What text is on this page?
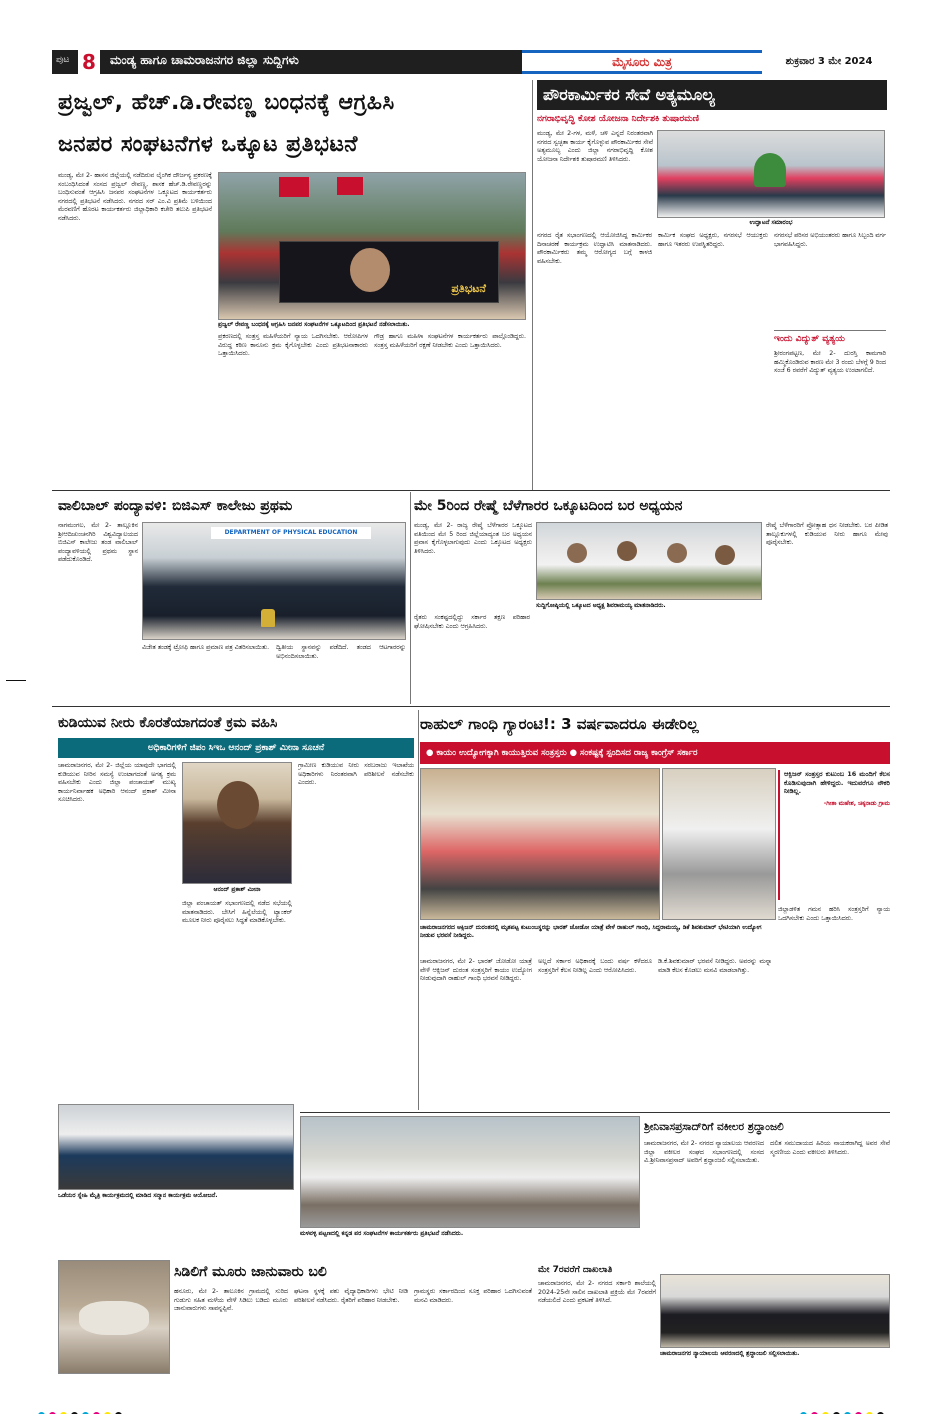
ಪುಟ 8	ಮಂಡ್ಯ ಹಾಗೂ ಚಾಮರಾಜನಗರ ಜಿಲ್ಲಾ ಸುದ್ದಿಗಳು	ಮೈಸೂರು ಮಿತ್ರ	ಶುಕ್ರವಾರ 3 ಮೇ 2024
ಪ್ರಜ್ವಲ್, ಹೆಚ್.ಡಿ.ರೇವಣ್ಣ ಬಂಧನಕ್ಕೆ ಆಗ್ರಹಿಸಿ
ಜನಪರ ಸಂಘಟನೆಗಳ ಒಕ್ಕೂಟ ಪ್ರತಿಭಟನೆ
ಮಂಡ್ಯ, ಮೇ 2- ಹಾಸನ ಜಿಲ್ಲೆಯಲ್ಲಿ ನಡೆದಿರುವ ಲೈಂಗಿಕ ದೌರ್ಜನ್ಯ ಪ್ರಕರಣಕ್ಕೆ ಸಂಬಂಧಿಸಿದಂತೆ ಸಂಸದ ಪ್ರಜ್ವಲ್ ರೇವಣ್ಣ, ಶಾಸಕ ಹೆಚ್.ಡಿ.ರೇವಣ್ಣರನ್ನು ಬಂಧಿಸುವಂತೆ ಆಗ್ರಹಿಸಿ ಜನಪರ ಸಂಘಟನೆಗಳ ಒಕ್ಕೂಟದ ಕಾರ್ಯಕರ್ತರು ನಗರದಲ್ಲಿ ಪ್ರತಿಭಟನೆ ನಡೆಸಿದರು. ನಗರದ ಸರ್ ಎಂ.ವಿ ಪ್ರತಿಮೆ ಬಳಿಯಿಂದ ಮೆರವಣಿಗೆ ಹೊರಟ ಕಾರ್ಯಕರ್ತರು ಜಿಲ್ಲಾಧಿಕಾರಿ ಕಚೇರಿ ತಲುಪಿ ಪ್ರತಿಭಟನೆ ನಡೆಸಿದರು.
ಪ್ರತಿಭಟನೆ
ಪ್ರಜ್ವಲ್ ರೇವಣ್ಣ ಬಂಧನಕ್ಕೆ ಆಗ್ರಹಿಸಿ ಜನಪರ ಸಂಘಟನೆಗಳ ಒಕ್ಕೂಟದಿಂದ ಪ್ರತಿಭಟನೆ ನಡೆಸಲಾಯಿತು.
ಪ್ರಕರಣದಲ್ಲಿ ಸಂತ್ರಸ್ತ ಮಹಿಳೆಯರಿಗೆ ನ್ಯಾಯ ಒದಗಿಸಬೇಕು. ಆರೋಪಿಗಳ ವಿರುದ್ಧ ಕಠಿಣ ಕಾನೂನು ಕ್ರಮ ಕೈಗೊಳ್ಳಬೇಕು ಎಂದು ಪ್ರತಿಭಟನಾಕಾರರು ಒತ್ತಾಯಿಸಿದರು.
ಗೌಡ್ರ ಹಾಗೂ ಮಹಿಳಾ ಸಂಘಟನೆಗಳ ಕಾರ್ಯಕರ್ತರು ಪಾಲ್ಗೊಂಡಿದ್ದರು. ಸಂತ್ರಸ್ತ ಮಹಿಳೆಯರಿಗೆ ರಕ್ಷಣೆ ನೀಡಬೇಕು ಎಂದು ಒತ್ತಾಯಿಸಿದರು.
ಪೌರಕಾರ್ಮಿಕರ ಸೇವೆ ಅತ್ಯಮೂಲ್ಯ
ನಗರಾಭಿವೃದ್ಧಿ ಕೋಶ ಯೋಜನಾ ನಿರ್ದೇಶಕಿ ತುಷಾರಮಣಿ
ಮಂಡ್ಯ, ಮೇ 2-ಗಳ, ಮಳೆ, ಚಳಿ ಎನ್ನದೆ ನಿರಂತರವಾಗಿ ನಗರದ ಸ್ವಚ್ಛತಾ ಕಾರ್ಯ ಕೈಗೊಳ್ಳುವ ಪೌರಕಾರ್ಮಿಕರ ಸೇವೆ ಅತ್ಯಮೂಲ್ಯ ಎಂದು ಜಿಲ್ಲಾ ನಗರಾಭಿವೃದ್ಧಿ ಕೋಶ ಯೋಜನಾ ನಿರ್ದೇಶಕಿ ತುಷಾರಮಣಿ ತಿಳಿಸಿದರು.
ಉದ್ಘಾಟನೆ ಸಮಾರಂಭ
ನಗರದ ರೈತ ಸಭಾಂಗಣದಲ್ಲಿ ಆಯೋಜಿಸಿದ್ದ ಕಾರ್ಮಿಕರ ದಿನಾಚರಣೆ ಕಾರ್ಯಕ್ರಮ ಉದ್ಘಾಟಿಸಿ ಮಾತನಾಡಿದರು. ಪೌರಕಾರ್ಮಿಕರು ತಮ್ಮ ಆರೋಗ್ಯದ ಬಗ್ಗೆ ಕಾಳಜಿ ವಹಿಸಬೇಕು.
ಕಾರ್ಮಿಕ ಸಂಘದ ಅಧ್ಯಕ್ಷರು, ನಗರಸಭೆ ಆಯುಕ್ತರು ಹಾಗೂ ಇತರರು ಉಪಸ್ಥಿತರಿದ್ದರು.
ನಗರಸಭೆ ಪರಿಸರ ಅಭಿಯಂತರರು ಹಾಗೂ ಸಿಬ್ಬಂದಿ ವರ್ಗ ಭಾಗವಹಿಸಿದ್ದರು.
ಇಂದು ವಿದ್ಯುತ್ ವ್ಯತ್ಯಯ
ಶ್ರೀರಂಗಪಟ್ಟಣ, ಮೇ 2- ದುರಸ್ತಿ ಕಾಮಗಾರಿ ಹಮ್ಮಿಕೊಂಡಿರುವ ಕಾರಣ ಮೇ 3 ರಂದು ಬೆಳಗ್ಗೆ 9 ರಿಂದ ಸಂಜೆ 6 ರವರೆಗೆ ವಿದ್ಯುತ್ ವ್ಯತ್ಯಯ ಉಂಟಾಗಲಿದೆ.
ವಾಲಿಬಾಲ್ ಪಂದ್ಯಾವಳಿ: ಬಿಜಿಎಸ್ ಕಾಲೇಜು ಪ್ರಥಮ
ನಾಗಮಂಗಲ, ಮೇ 2- ತಾಲ್ಲೂಕಿನ ಶ್ರೀಆದಿಚುಂಚನಗಿರಿ ವಿಶ್ವವಿದ್ಯಾಲಯದ ಬಿಜಿಎಸ್ ಕಾಲೇಜು ತಂಡ ವಾಲಿಬಾಲ್ ಪಂದ್ಯಾವಳಿಯಲ್ಲಿ ಪ್ರಥಮ ಸ್ಥಾನ ಪಡೆದುಕೊಂಡಿದೆ.
DEPARTMENT OF PHYSICAL EDUCATION
ವಿಜೇತ ತಂಡಕ್ಕೆ ಟ್ರೋಫಿ ಹಾಗೂ ಪ್ರಮಾಣ ಪತ್ರ ವಿತರಿಸಲಾಯಿತು. ದ್ವಿತೀಯ ಸ್ಥಾನವನ್ನು ಪಡೆದಿದೆ. ತಂಡದ ಆಟಗಾರರನ್ನು ಅಭಿನಂದಿಸಲಾಯಿತು.
ಮೇ 5ರಿಂದ ರೇಷ್ಮೆ ಬೆಳೆಗಾರರ ಒಕ್ಕೂಟದಿಂದ ಬರ ಅಧ್ಯಯನ
ಮಂಡ್ಯ, ಮೇ 2- ರಾಜ್ಯ ರೇಷ್ಮೆ ಬೆಳೆಗಾರರ ಒಕ್ಕೂಟದ ವತಿಯಿಂದ ಮೇ 5 ರಿಂದ ಜಿಲ್ಲೆಯಾದ್ಯಂತ ಬರ ಅಧ್ಯಯನ ಪ್ರವಾಸ ಕೈಗೊಳ್ಳಲಾಗುವುದು ಎಂದು ಒಕ್ಕೂಟದ ಅಧ್ಯಕ್ಷರು ತಿಳಿಸಿದರು.
ಸುದ್ದಿಗೋಷ್ಠಿಯಲ್ಲಿ ಒಕ್ಕೂಟದ ಅಧ್ಯಕ್ಷ ಶಿವರಾಮಯ್ಯ ಮಾತನಾಡಿದರು.
ರೈತರು ಸಂಕಷ್ಟದಲ್ಲಿದ್ದು ಸರ್ಕಾರ ತಕ್ಷಣ ಪರಿಹಾರ ಘೋಷಿಸಬೇಕು ಎಂದು ಆಗ್ರಹಿಸಿದರು.
ರೇಷ್ಮೆ ಬೆಳೆಗಾರರಿಗೆ ಪ್ರೋತ್ಸಾಹ ಧನ ನೀಡಬೇಕು. ಬರ ಪೀಡಿತ ತಾಲ್ಲೂಕುಗಳಲ್ಲಿ ಕುಡಿಯುವ ನೀರು ಹಾಗೂ ಮೇವು ಪೂರೈಸಬೇಕು.
ಕುಡಿಯುವ ನೀರು ಕೊರತೆಯಾಗದಂತೆ ಕ್ರಮ ವಹಿಸಿ
ಅಧಿಕಾರಿಗಳಿಗೆ ಜಿಪಂ ಸಿಇಒ ಆನಂದ್ ಪ್ರಕಾಶ್ ಮೀನಾ ಸೂಚನೆ
ಚಾಮರಾಜನಗರ, ಮೇ 2- ಜಿಲ್ಲೆಯ ಯಾವುದೇ ಭಾಗದಲ್ಲಿ ಕುಡಿಯುವ ನೀರಿನ ಸಮಸ್ಯೆ ಉಂಟಾಗದಂತೆ ಅಗತ್ಯ ಕ್ರಮ ವಹಿಸಬೇಕು ಎಂದು ಜಿಲ್ಲಾ ಪಂಚಾಯತ್ ಮುಖ್ಯ ಕಾರ್ಯನಿರ್ವಾಹಕ ಅಧಿಕಾರಿ ಆನಂದ್ ಪ್ರಕಾಶ್ ಮೀನಾ ಸೂಚಿಸಿದರು.
ಆನಂದ್ ಪ್ರಕಾಶ್ ಮೀನಾ
ಜಿಲ್ಲಾ ಪಂಚಾಯತ್ ಸಭಾಂಗಣದಲ್ಲಿ ನಡೆದ ಸಭೆಯಲ್ಲಿ ಮಾತನಾಡಿದರು. ಬೇಸಿಗೆ ಹಿನ್ನೆಲೆಯಲ್ಲಿ ಟ್ಯಾಂಕರ್ ಮೂಲಕ ನೀರು ಪೂರೈಸಲು ಸಿದ್ಧತೆ ಮಾಡಿಕೊಳ್ಳಬೇಕು.
ಗ್ರಾಮೀಣ ಕುಡಿಯುವ ನೀರು ಸರಬರಾಜು ಇಲಾಖೆಯ ಅಧಿಕಾರಿಗಳು ನಿರಂತರವಾಗಿ ಪರಿಶೀಲನೆ ನಡೆಸಬೇಕು ಎಂದರು.
ಒಡೆಯರ ಸ್ನೇಹಿ ಮೈತ್ರಿ ಕಾರ್ಯಕ್ರಮದಲ್ಲಿ ಮಾಡಿದ ಸನ್ಮಾನ ಕಾರ್ಯಕ್ರಮ ಆಯೋಜನೆ.
ರಾಹುಲ್ ಗಾಂಧಿ ಗ್ಯಾರಂಟಿ!: 3 ವರ್ಷವಾದರೂ ಈಡೇರಿಲ್ಲ
● ಕಾಯಂ ಉದ್ಯೋಗಕ್ಕಾಗಿ ಕಾಯುತ್ತಿರುವ ಸಂತ್ರಸ್ತರು ● ಸಂಕಷ್ಟಕ್ಕೆ ಸ್ಪಂದಿಸದ ರಾಜ್ಯ ಕಾಂಗ್ರೆಸ್ ಸರ್ಕಾರ
ಚಾಮರಾಜನಗರದ ಆಕ್ಸಿಜನ್ ದುರಂತದಲ್ಲಿ ಮೃತಪಟ್ಟ ಕುಟುಂಬಸ್ಥರನ್ನು ಭಾರತ್ ಜೋಡೋ ಯಾತ್ರೆ ವೇಳೆ ರಾಹುಲ್ ಗಾಂಧಿ, ಸಿದ್ದರಾಮಯ್ಯ, ಡಿಕೆ ಶಿವಕುಮಾರ್ ಭೇಟಿಯಾಗಿ ಉದ್ಯೋಗ ನೀಡುವ ಭರವಸೆ ನೀಡಿದ್ದರು.
ಆಕ್ಸಿಜನ್ ಸಂತ್ರಸ್ತರ ಕುಟುಂಬ 16 ಮಂದಿಗೆ ಕೆಲಸ ಕೊಡಿಸುವುದಾಗಿ ಹೇಳಿದ್ದರು. ಇದುವರೆಗೂ ನೌಕರಿ ನೀಡಿಲ್ಲ.
-ಗೀತಾ ಮಹೇಶ, ಚಿಕ್ಕನಾಡು ಗ್ರಾಮ
ಚಾಮರಾಜನಗರ, ಮೇ 2- ಭಾರತ್ ಜೋಡೋ ಯಾತ್ರೆ ವೇಳೆ ಆಕ್ಸಿಜನ್ ದುರಂತ ಸಂತ್ರಸ್ತರಿಗೆ ಕಾಯಂ ಉದ್ಯೋಗ ನೀಡುವುದಾಗಿ ರಾಹುಲ್ ಗಾಂಧಿ ಭರವಸೆ ನೀಡಿದ್ದರು.
ಅಲ್ಲದೆ ಸರ್ಕಾರ ಅಧಿಕಾರಕ್ಕೆ ಬಂದು ವರ್ಷ ಕಳೆದರೂ ಸಂತ್ರಸ್ತರಿಗೆ ಕೆಲಸ ನೀಡಿಲ್ಲ ಎಂದು ಆರೋಪಿಸಿದರು.
ಡಿ.ಕೆ.ಶಿವಕುಮಾರ್ ಭರವಸೆ ನೀಡಿದ್ದರು. ಅವರನ್ನು ಮನ್ನಾ ಮಾಡಿ ಕೆಲಸ ಕೊಡಲು ಮನವಿ ಮಾಡಲಾಗಿತ್ತು.
ಜಿಲ್ಲಾಡಳಿತ ಗಮನ ಹರಿಸಿ ಸಂತ್ರಸ್ತರಿಗೆ ನ್ಯಾಯ ಒದಗಿಸಬೇಕು ಎಂದು ಒತ್ತಾಯಿಸಿದರು.
ಮಳವಳ್ಳಿ ಪಟ್ಟಣದಲ್ಲಿ ಕನ್ನಡ ಪರ ಸಂಘಟನೆಗಳ ಕಾರ್ಯಕರ್ತರು ಪ್ರತಿಭಟನೆ ನಡೆಸಿದರು.
ಶ್ರೀನಿವಾಸಪ್ರಸಾದ್‌ರಿಗೆ ವಕೀಲರ ಶ್ರದ್ಧಾಂಜಲಿ
ಚಾಮರಾಜನಗರ, ಮೇ 2- ನಗರದ ನ್ಯಾಯಾಲಯ ಆವರಣದ ಜಿಲ್ಲಾ ವಕೀಲರ ಸಂಘದ ಸಭಾಂಗಣದಲ್ಲಿ ಸಂಸದ ವಿ.ಶ್ರೀನಿವಾಸಪ್ರಸಾದ್ ಅವರಿಗೆ ಶ್ರದ್ಧಾಂಜಲಿ ಸಲ್ಲಿಸಲಾಯಿತು.
ದಲಿತ ಸಮುದಾಯದ ಹಿರಿಯ ನಾಯಕರಾಗಿದ್ದ ಅವರ ಸೇವೆ ಸ್ಮರಣೀಯ ಎಂದು ವಕೀಲರು ತಿಳಿಸಿದರು.
ಚಾಮರಾಜನಗರ ನ್ಯಾಯಾಲಯ ಆವರಣದಲ್ಲಿ ಶ್ರದ್ಧಾಂಜಲಿ ಸಲ್ಲಿಸಲಾಯಿತು.
ಸಿಡಿಲಿಗೆ ಮೂರು ಜಾನುವಾರು ಬಲಿ
ಹನೂರು, ಮೇ 2- ತಾಲೂಕಿನ ಗ್ರಾಮದಲ್ಲಿ ಸುರಿದ ಗುಡುಗು ಸಹಿತ ಮಳೆಯ ವೇಳೆ ಸಿಡಿಲು ಬಡಿದು ಮೂರು ಜಾನುವಾರುಗಳು ಸಾವನ್ನಪ್ಪಿವೆ.
ಘಟನಾ ಸ್ಥಳಕ್ಕೆ ಪಶು ವೈದ್ಯಾಧಿಕಾರಿಗಳು ಭೇಟಿ ನೀಡಿ ಪರಿಶೀಲನೆ ನಡೆಸಿದರು. ರೈತರಿಗೆ ಪರಿಹಾರ ನೀಡಬೇಕು.
ಗ್ರಾಮಸ್ಥರು ಸರ್ಕಾರದಿಂದ ಸೂಕ್ತ ಪರಿಹಾರ ಒದಗಿಸುವಂತೆ ಮನವಿ ಮಾಡಿದರು.
ಮೇ 7ರವರೆಗೆ ದಾಖಲಾತಿ
ಚಾಮರಾಜನಗರ, ಮೇ 2- ನಗರದ ಸರ್ಕಾರಿ ಶಾಲೆಯಲ್ಲಿ 2024-25ನೇ ಸಾಲಿನ ದಾಖಲಾತಿ ಪ್ರಕ್ರಿಯೆ ಮೇ 7ರವರೆಗೆ ನಡೆಯಲಿದೆ ಎಂದು ಪ್ರಕಟಣೆ ತಿಳಿಸಿದೆ.
